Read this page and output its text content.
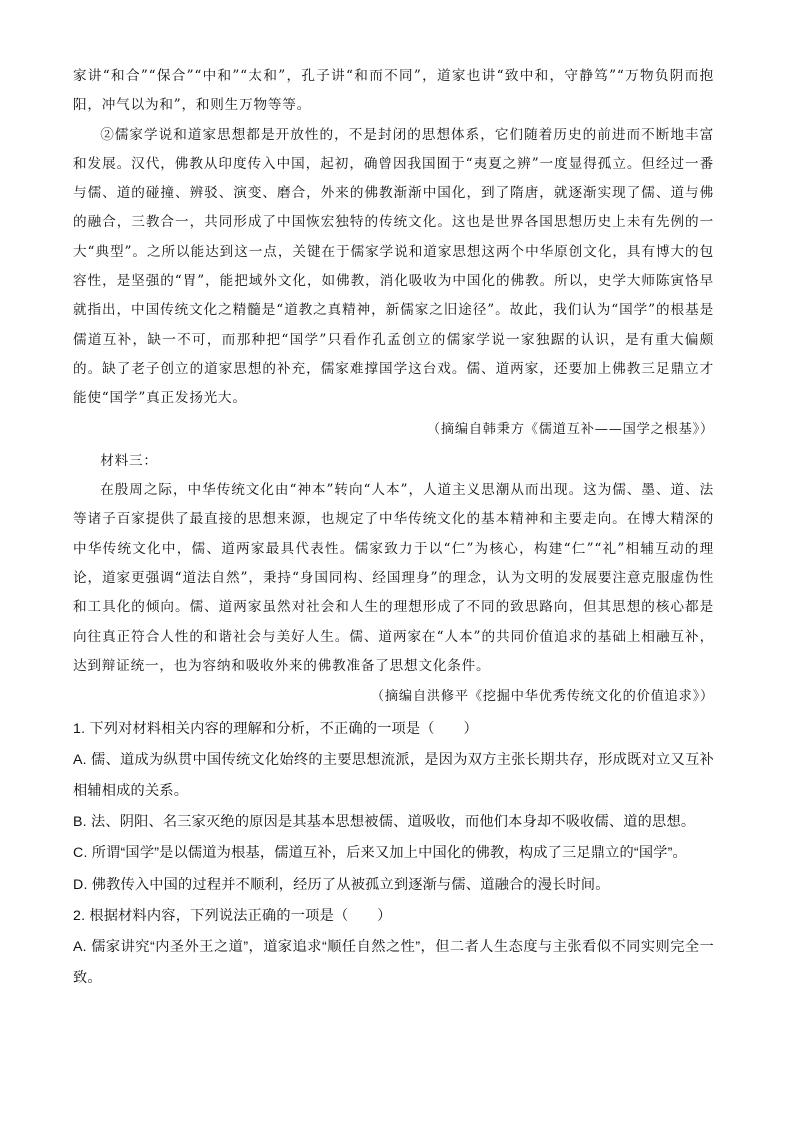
家讲“和合”“保合”“中和”“太和”，孔子讲“和而不同”，道家也讲“致中和，守静笃”“万物负阴而抱阳，冲气以为和”，和则生万物等等。

②儒家学说和道家思想都是开放性的，不是封闭的思想体系，它们随着历史的前进而不断地丰富和发展。汉代，佛教从印度传入中国，起初，确曾因我国囿于“夷夏之辨”一度显得孤立。但经过一番与儒、道的碰撞、辨驳、演变、磨合，外来的佛教渐渐中国化，到了隋唐，就逐渐实现了儒、道与佛的融合，三教合一，共同形成了中国恢宏独特的传统文化。这也是世界各国思想历史上未有先例的一大“典型”。之所以能达到这一点，关键在于儒家学说和道家思想这两个中华原创文化，具有博大的包容性，是坚强的“胃”，能把域外文化，如佛教，消化吸收为中国化的佛教。所以，史学大师陈寅恪早就指出，中国传统文化之精髓是“道教之真精神，新儒家之旧途径”。故此，我们认为“国学”的根基是儒道互补，缺一不可，而那种把“国学”只看作孔孟创立的儒家学说一家独踞的认识，是有重大偏颇的。缺了老子创立的道家思想的补充，儒家难撑国学这台戏。儒、道两家，还要加上佛教三足鼎立才能使“国学”真正发扬光大。

（摘编自韩秉方《儒道互补——国学之根基》）

材料三：

在殷周之际，中华传统文化由“神本”转向“人本”，人道主义思潮从而出现。这为儒、墨、道、法等诸子百家提供了最直接的思想来源，也规定了中华传统文化的基本精神和主要走向。在博大精深的中华传统文化中，儒、道两家最具代表性。儒家致力于以“仁”为核心，构建“仁”“礼”相辅互动的理论，道家更强调“道法自然”，秉持“身国同构、经国理身”的理念，认为文明的发展要注意克服虚伪性和工具化的倾向。儒、道两家虽然对社会和人生的理想形成了不同的致思路向，但其思想的核心都是向往真正符合人性的和谐社会与美好人生。儒、道两家在“人本”的共同价值追求的基础上相融互补，达到辩证统一，也为容纳和吸收外来的佛教准备了思想文化条件。

（摘编自洪修平《挖掘中华优秀传统文化的价值追求》）

1. 下列对材料相关内容的理解和分析，不正确的一项是（　　）

A. 儒、道成为纵贯中国传统文化始终的主要思想流派，是因为双方主张长期共存，形成既对立又互补相辅相成的关系。

B. 法、阴阳、名三家灭绝的原因是其基本思想被儒、道吸收，而他们本身却不吸收儒、道的思想。

C. 所谓“国学”是以儒道为根基，儒道互补，后来又加上中国化的佛教，构成了三足鼎立的“国学”。

D. 佛教传入中国的过程并不顺利，经历了从被孤立到逐渐与儒、道融合的漫长时间。

2. 根据材料内容，下列说法正确的一项是（　　）

A. 儒家讲究“内圣外王之道”，道家追求“顺任自然之性”，但二者人生态度与主张看似不同实则完全一致。
